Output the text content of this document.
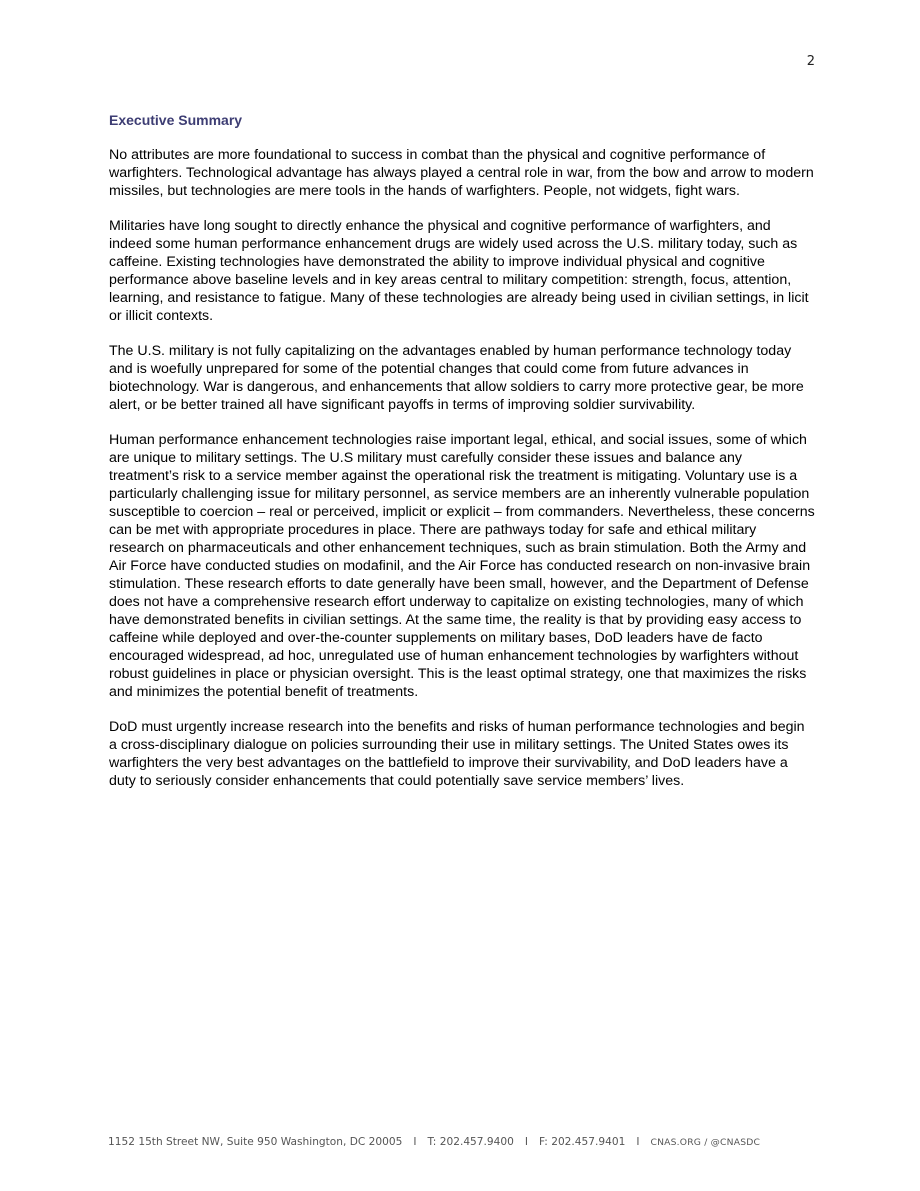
2
Executive Summary

No attributes are more foundational to success in combat than the physical and cognitive performance of warfighters. Technological advantage has always played a central role in war, from the bow and arrow to modern missiles, but technologies are mere tools in the hands of warfighters. People, not widgets, fight wars.

Militaries have long sought to directly enhance the physical and cognitive performance of warfighters, and indeed some human performance enhancement drugs are widely used across the U.S. military today, such as caffeine. Existing technologies have demonstrated the ability to improve individual physical and cognitive performance above baseline levels and in key areas central to military competition: strength, focus, attention, learning, and resistance to fatigue. Many of these technologies are already being used in civilian settings, in licit or illicit contexts.

The U.S. military is not fully capitalizing on the advantages enabled by human performance technology today and is woefully unprepared for some of the potential changes that could come from future advances in biotechnology. War is dangerous, and enhancements that allow soldiers to carry more protective gear, be more alert, or be better trained all have significant payoffs in terms of improving soldier survivability.

Human performance enhancement technologies raise important legal, ethical, and social issues, some of which are unique to military settings. The U.S military must carefully consider these issues and balance any treatment’s risk to a service member against the operational risk the treatment is mitigating. Voluntary use is a particularly challenging issue for military personnel, as service members are an inherently vulnerable population susceptible to coercion – real or perceived, implicit or explicit – from commanders. Nevertheless, these concerns can be met with appropriate procedures in place. There are pathways today for safe and ethical military research on pharmaceuticals and other enhancement techniques, such as brain stimulation. Both the Army and Air Force have conducted studies on modafinil, and the Air Force has conducted research on non-invasive brain stimulation. These research efforts to date generally have been small, however, and the Department of Defense does not have a comprehensive research effort underway to capitalize on existing technologies, many of which have demonstrated benefits in civilian settings. At the same time, the reality is that by providing easy access to caffeine while deployed and over-the-counter supplements on military bases, DoD leaders have de facto encouraged widespread, ad hoc, unregulated use of human enhancement technologies by warfighters without robust guidelines in place or physician oversight. This is the least optimal strategy, one that maximizes the risks and minimizes the potential benefit of treatments.

DoD must urgently increase research into the benefits and risks of human performance technologies and begin a cross-disciplinary dialogue on policies surrounding their use in military settings. The United States owes its warfighters the very best advantages on the battlefield to improve their survivability, and DoD leaders have a duty to seriously consider enhancements that could potentially save service members’ lives.

1152 15th Street NW, Suite 950 Washington, DC 20005 I T: 202.457.9400 I F: 202.457.9401 I CNAS.ORG / @CNASDC
